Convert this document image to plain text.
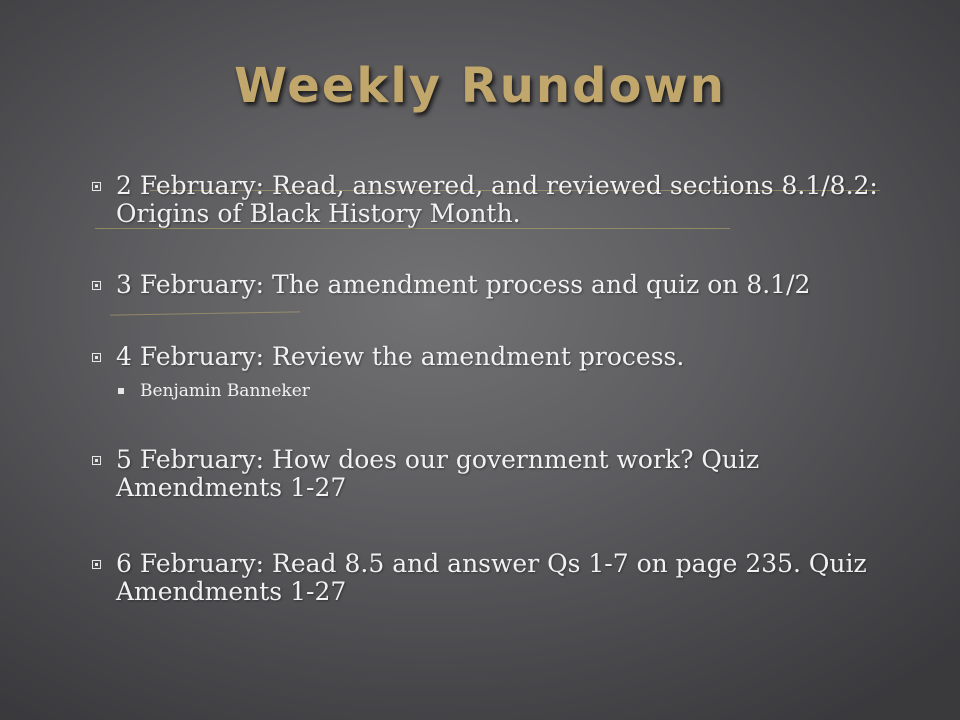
Weekly Rundown
2 February: Read, answered, and reviewed sections 8.1/8.2: Origins of Black History Month.
3 February: The amendment process and quiz on 8.1/2
4 February: Review the amendment process.
Benjamin Banneker
5 February: How does our government work? Quiz Amendments 1-27
6 February: Read 8.5 and answer Qs 1-7 on page 235. Quiz Amendments 1-27
